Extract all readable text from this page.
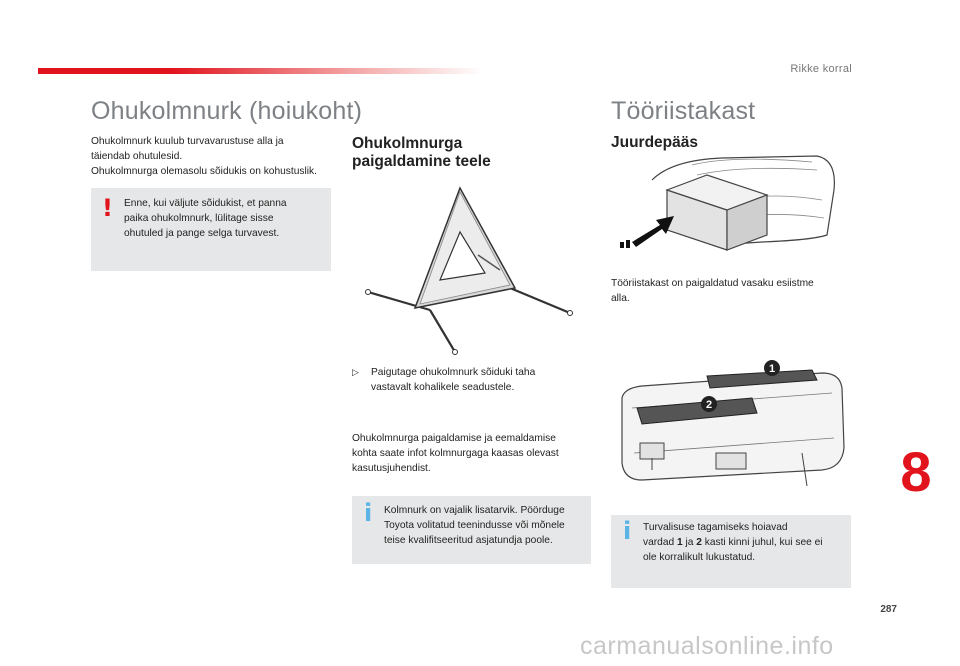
Rikke korral
Ohukolmnurk (hoiukoht)
Ohukolmnurk kuulub turvavarustuse alla ja
täiendab ohutulesid.
Ohukolmnurga olemasolu sõidukis on kohustuslik.
! Enne, kui väljute sõidukist, et panna
paika ohukolmnurk, lülitage sisse
ohutuled ja pange selga turvavest.
Ohukolmnurga
paigaldamine teele
▷ Paigutage ohukolmnurk sõiduki taha
vastavalt kohalikele seadustele.
Ohukolmnurga paigaldamise ja eemaldamise
kohta saate infot kolmnurgaga kaasas olevast
kasutusjuhendist.
i Kolmnurk on vajalik lisatarvik. Pöörduge
Toyota volitatud teenindusse või mõnele
teise kvalifitseeritud asjatundja poole.
Tööriistakast
Juurdepääs
Tööriistakast on paigaldatud vasaku esiistme
alla.
1
2
i Turvalisuse tagamiseks hoiavad
vardad 1 ja 2 kasti kinni juhul, kui see ei
ole korralikult lukustatud.
8
287
carmanualsonline.info
